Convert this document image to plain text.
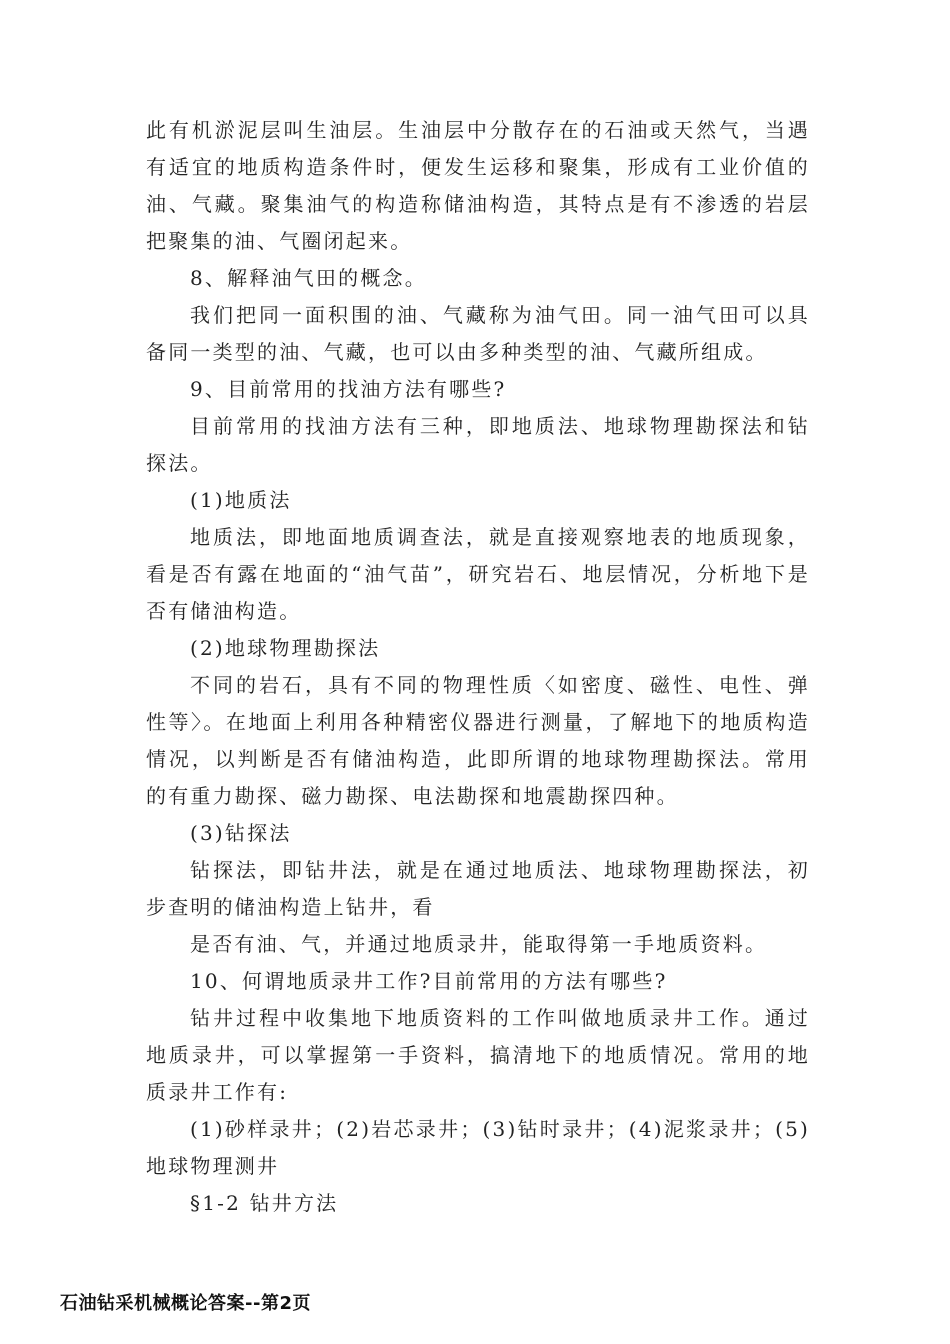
此有机淤泥层叫生油层。生油层中分散存在的石油或天然气，当遇有适宜的地质构造条件时，便发生运移和聚集，形成有工业价值的油、气藏。聚集油气的构造称储油构造，其特点是有不渗透的岩层把聚集的油、气圈闭起来。

8、解释油气田的概念。

我们把同一面积围的油、气藏称为油气田。同一油气田可以具备同一类型的油、气藏，也可以由多种类型的油、气藏所组成。

9、目前常用的找油方法有哪些?

目前常用的找油方法有三种，即地质法、地球物理勘探法和钻探法。

(1)地质法

地质法，即地面地质调查法，就是直接观察地表的地质现象，看是否有露在地面的“油气苗”，研究岩石、地层情况，分析地下是否有储油构造。

(2)地球物理勘探法

不同的岩石，具有不同的物理性质〈如密度、磁性、电性、弹性等〉。在地面上利用各种精密仪器进行测量，了解地下的地质构造情况，以判断是否有储油构造，此即所谓的地球物理勘探法。常用的有重力勘探、磁力勘探、电法勘探和地震勘探四种。

(3)钻探法

钻探法，即钻井法，就是在通过地质法、地球物理勘探法，初步查明的储油构造上钻井，看

是否有油、气，并通过地质录井，能取得第一手地质资料。

10、何谓地质录井工作?目前常用的方法有哪些?

钻井过程中收集地下地质资料的工作叫做地质录井工作。通过地质录井，可以掌握第一手资料，搞清地下的地质情况。常用的地质录井工作有:

(1)砂样录井；(2)岩芯录井；(3)钻时录井；(4)泥浆录井；(5)地球物理测井

§1-2 钻井方法

石油钻采机械概论答案--第2页
